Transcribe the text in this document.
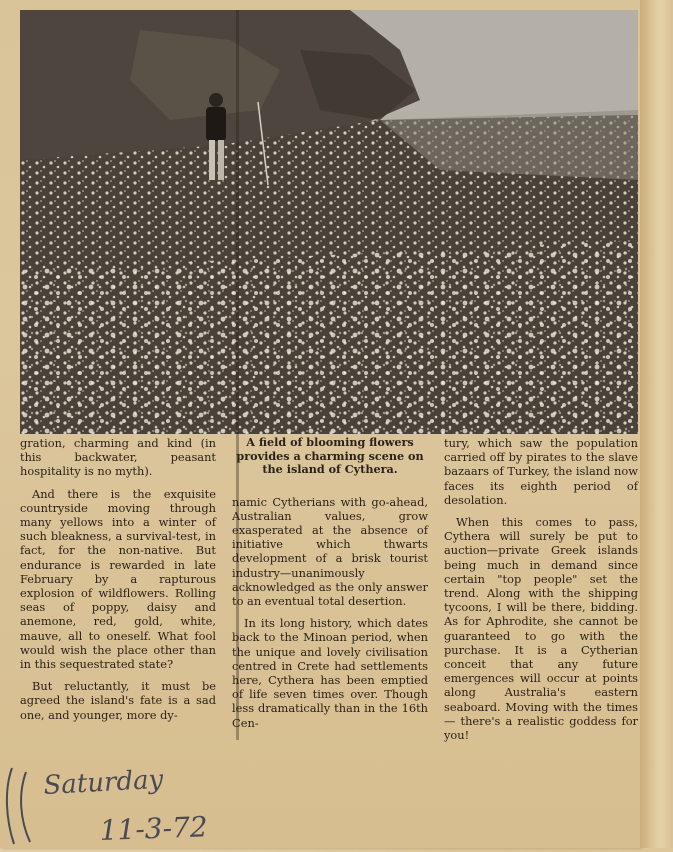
gration, charming and kind (in this backwater, peasant hospitality is no myth).

And there is the exquisite countryside moving through many yellows into a winter of such bleakness, a survival-test, in fact, for the non-native. But endurance is rewarded in late February by a rapturous explosion of wildflowers. Rolling seas of poppy, daisy and anemone, red, gold, white, mauve, all to oneself. What fool would wish the place other than in this sequestrated state?

But reluctantly, it must be agreed the island's fate is a sad one, and younger, more dy-

A field of blooming flowers provides a charming scene on the island of Cythera.

namic Cytherians with go-ahead, Australian values, grow exasperated at the absence of initiative which thwarts development of a brisk tourist industry—unanimously acknowledged as the only answer to an eventual total desertion.

In its long history, which dates back to the Minoan period, when the unique and lovely civilisation centred in Crete had settlements here, Cythera has been emptied of life seven times over. Though less dramatically than in the 16th Cen-

tury, which saw the population carried off by pirates to the slave bazaars of Turkey, the island now faces its eighth period of desolation.

When this comes to pass, Cythera will surely be put to auction—private Greek islands being much in demand since certain "top people" set the trend. Along with the shipping tycoons, I will be there, bidding. As for Aphrodite, she cannot be guaranteed to go with the purchase. It is a Cytherian conceit that any future emergences will occur at points along Australia's eastern seaboard. Moving with the times — there's a realistic goddess for you!

Saturday
11-3-72
